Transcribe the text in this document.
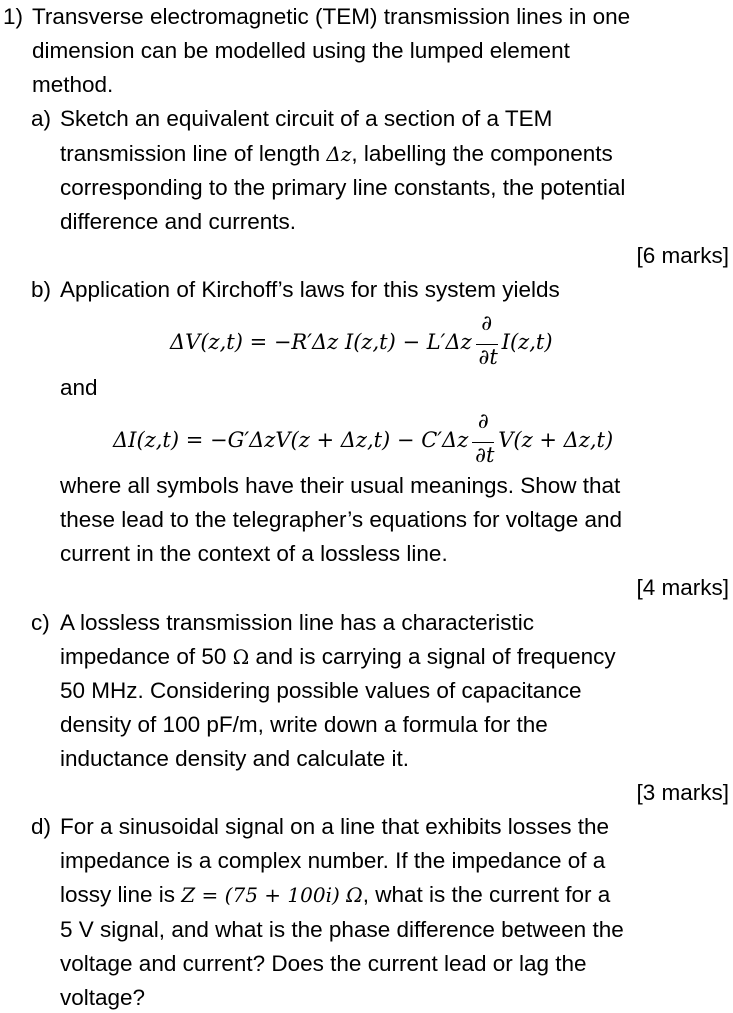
1) Transverse electromagnetic (TEM) transmission lines in one
dimension can be modelled using the lumped element
method.
a) Sketch an equivalent circuit of a section of a TEM
transmission line of length Δz, labelling the components
corresponding to the primary line constants, the potential
difference and currents.
[6 marks]
b) Application of Kirchoff’s laws for this system yields
ΔV(z,t) = −R′Δz $I(z,t) - L'\Delta z \frac{\partial}{\partial t} I(z,t)$
and
$\Delta I(z,t) = -G'\Delta zV(z + \Delta z,t) - C'\Delta z \frac{\partial}{\partial t} V(z + \Delta z,t)$
where all symbols have their usual meanings. Show that
these lead to the telegrapher’s equations for voltage and
current in the context of a lossless line.
[4 marks]
c) A lossless transmission line has a characteristic
impedance of 50 Ω and is carrying a signal of frequency
50 MHz. Considering possible values of capacitance
density of 100 pF/m, write down a formula for the
inductance density and calculate it.
[3 marks]
d) For a sinusoidal signal on a line that exhibits losses the
impedance is a complex number. If the impedance of a
lossy line is Z = (75 + 100i) Ω, what is the current for a
5 V signal, and what is the phase difference between the
voltage and current? Does the current lead or lag the
voltage?
